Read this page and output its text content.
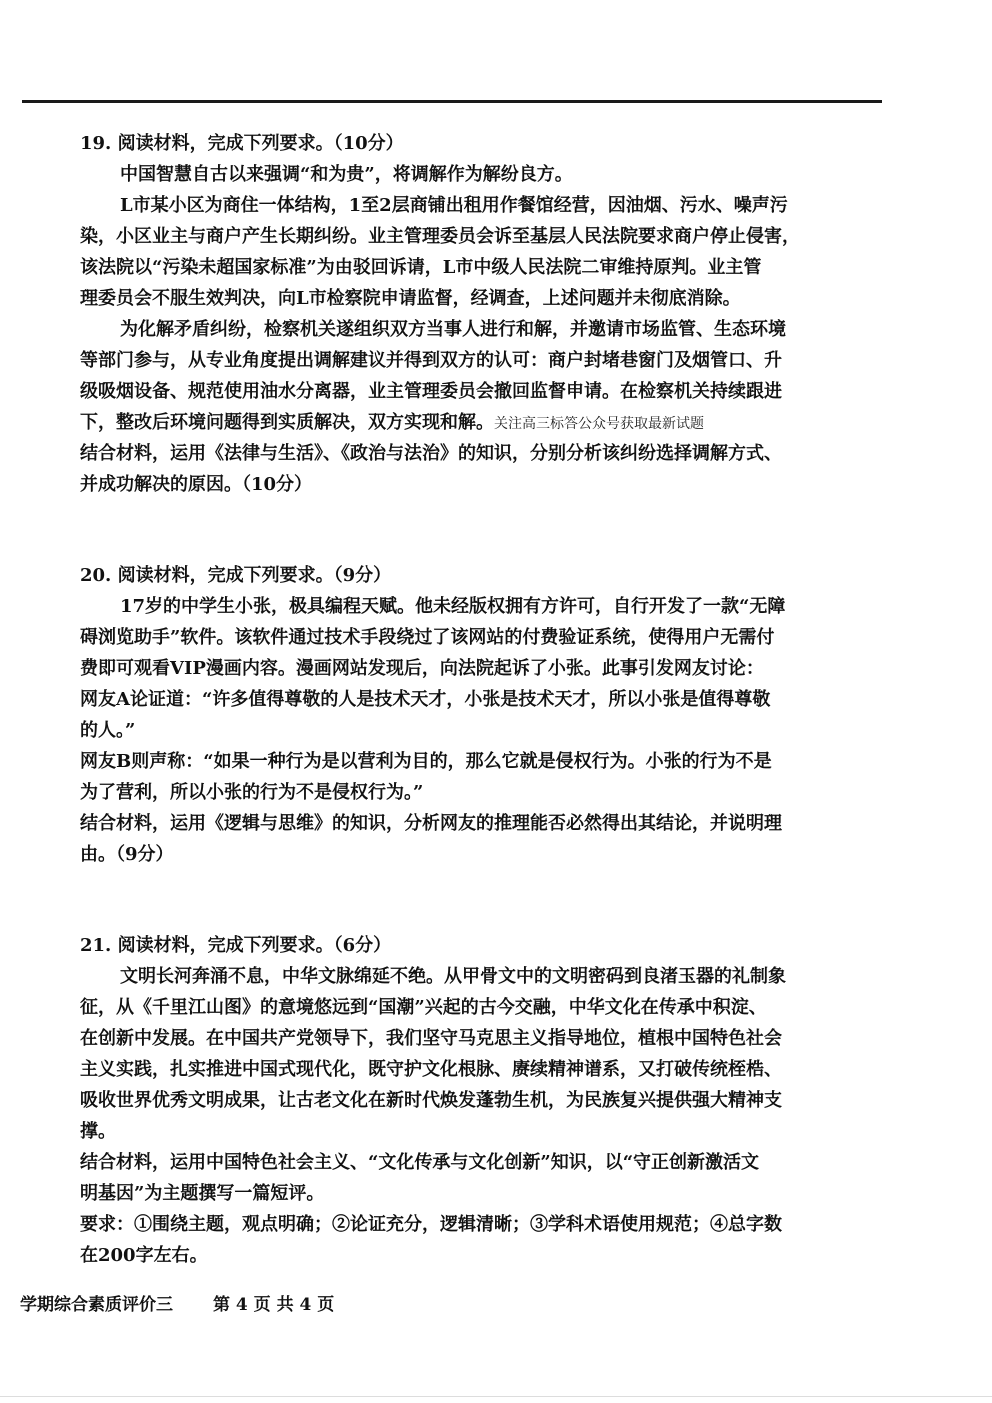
19. 阅读材料，完成下列要求。（10分）
中国智慧自古以来强调“和为贵”，将调解作为解纷良方。
L市某小区为商住一体结构，1至2层商铺出租用作餐馆经营，因油烟、污水、噪声污
染，小区业主与商户产生长期纠纷。业主管理委员会诉至基层人民法院要求商户停止侵害，
该法院以“污染未超国家标准”为由驳回诉请，L市中级人民法院二审维持原判。业主管
理委员会不服生效判决，向L市检察院申请监督，经调查，上述问题并未彻底消除。
为化解矛盾纠纷，检察机关遂组织双方当事人进行和解，并邀请市场监管、生态环境
等部门参与，从专业角度提出调解建议并得到双方的认可：商户封堵巷窗门及烟管口、升
级吸烟设备、规范使用油水分离器，业主管理委员会撤回监督申请。在检察机关持续跟进
下，整改后环境问题得到实质解决，双方实现和解。关注高三标答公众号获取最新试题
结合材料，运用《法律与生活》、《政治与法治》的知识，分别分析该纠纷选择调解方式、
并成功解决的原因。（10分）
20. 阅读材料，完成下列要求。（9分）
17岁的中学生小张，极具编程天赋。他未经版权拥有方许可，自行开发了一款“无障
碍浏览助手”软件。该软件通过技术手段绕过了该网站的付费验证系统，使得用户无需付
费即可观看VIP漫画内容。漫画网站发现后，向法院起诉了小张。此事引发网友讨论：
网友A论证道：“许多值得尊敬的人是技术天才，小张是技术天才，所以小张是值得尊敬
的人。”
网友B则声称：“如果一种行为是以营利为目的，那么它就是侵权行为。小张的行为不是
为了营利，所以小张的行为不是侵权行为。”
结合材料，运用《逻辑与思维》的知识，分析网友的推理能否必然得出其结论，并说明理
由。（9分）
21. 阅读材料，完成下列要求。（6分）
文明长河奔涌不息，中华文脉绵延不绝。从甲骨文中的文明密码到良渚玉器的礼制象
征，从《千里江山图》的意境悠远到“国潮”兴起的古今交融，中华文化在传承中积淀、
在创新中发展。在中国共产党领导下，我们坚守马克思主义指导地位，植根中国特色社会
主义实践，扎实推进中国式现代化，既守护文化根脉、赓续精神谱系，又打破传统桎梏、
吸收世界优秀文明成果，让古老文化在新时代焕发蓬勃生机，为民族复兴提供强大精神支
撑。
结合材料，运用中国特色社会主义、“文化传承与文化创新”知识，以“守正创新激活文
明基因”为主题撰写一篇短评。
要求：①围绕主题，观点明确；②论证充分，逻辑清晰；③学科术语使用规范；④总字数
在200字左右。
学期综合素质评价三 第 4 页 共 4 页
